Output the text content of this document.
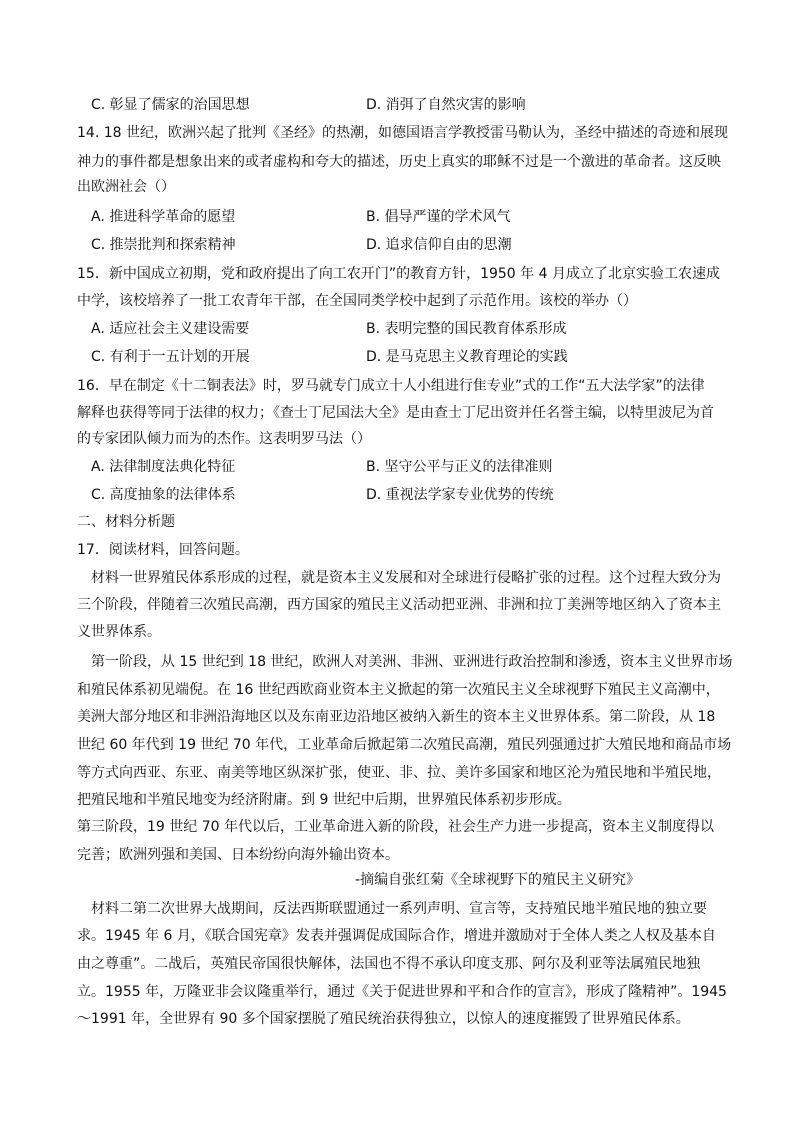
C. 彰显了儒家的治国思想	D. 消弭了自然灾害的影响
14. 18 世纪，欧洲兴起了批判《圣经》的热潮，如德国语言学教授雷马勒认为，圣经中描述的奇迹和展现
神力的事件都是想象出来的或者虚构和夸大的描述，历史上真实的耶稣不过是一个激进的革命者。这反映
出欧洲社会（）
A. 推进科学革命的愿望	B. 倡导严谨的学术风气
C. 推崇批判和探索精神	D. 追求信仰自由的思潮
15．新中国成立初期，党和政府提出了向工农开门”的教育方针，1950 年 4 月成立了北京实验工农速成
中学，该校培养了一批工农青年干部，在全国同类学校中起到了示范作用。该校的举办（）
A. 适应社会主义建设需要	B. 表明完整的国民教育体系形成
C. 有利于一五计划的开展	D. 是马克思主义教育理论的实践
16．早在制定《十二铜表法》时，罗马就专门成立十人小组进行隹专业”式的工作“五大法学家”的法律
解释也获得等同于法律的权力；《查士丁尼国法大全》是由查士丁尼出资并任名誉主编，以特里波尼为首
的专家团队倾力而为的杰作。这表明罗马法（）
A. 法律制度法典化特征	B. 坚守公平与正义的法律准则
C. 高度抽象的法律体系	D. 重视法学家专业优势的传统
二、材料分析题
17．阅读材料，回答问题。
材料一世界殖民体系形成的过程，就是资本主义发展和对全球进行侵略扩张的过程。这个过程大致分为
三个阶段，伴随着三次殖民高潮，西方国家的殖民主义活动把亚洲、非洲和拉丁美洲等地区纳入了资本主
义世界体系。
第一阶段，从 15 世纪到 18 世纪，欧洲人对美洲、非洲、亚洲进行政治控制和渗透，资本主义世界市场
和殖民体系初见端倪。在 16 世纪西欧商业资本主义掀起的第一次殖民主义全球视野下殖民主义高潮中，
美洲大部分地区和非洲沿海地区以及东南亚边沿地区被纳入新生的资本主义世界体系。第二阶段，从 18
世纪 60 年代到 19 世纪 70 年代，工业革命后掀起第二次殖民高潮，殖民列强通过扩大殖民地和商品市场
等方式向西亚、东亚、南美等地区纵深扩张，使亚、非、拉、美许多国家和地区沦为殖民地和半殖民地，
把殖民地和半殖民地变为经济附庸。到 9 世纪中后期，世界殖民体系初步形成。
第三阶段，19 世纪 70 年代以后，工业革命进入新的阶段，社会生产力进一步提高，资本主义制度得以
完善；欧洲列强和美国、日本纷纷向海外输出资本。
-摘编自张红菊《全球视野下的殖民主义研究》
材料二第二次世界大战期间，反法西斯联盟通过一系列声明、宣言等，支持殖民地半殖民地的独立要
求。1945 年 6 月，《联合国宪章》发表并强调促成国际合作，增进并激励对于全体人类之人权及基本自
由之尊重”。二战后，英殖民帝国很快解体，法国也不得不承认印度支那、阿尔及利亚等法属殖民地独
立。1955 年，万隆亚非会议隆重举行，通过《关于促进世界和平和合作的宣言》，形成了隆精神”。1945
～1991 年，全世界有 90 多个国家摆脱了殖民统治获得独立，以惊人的速度摧毁了世界殖民体系。
